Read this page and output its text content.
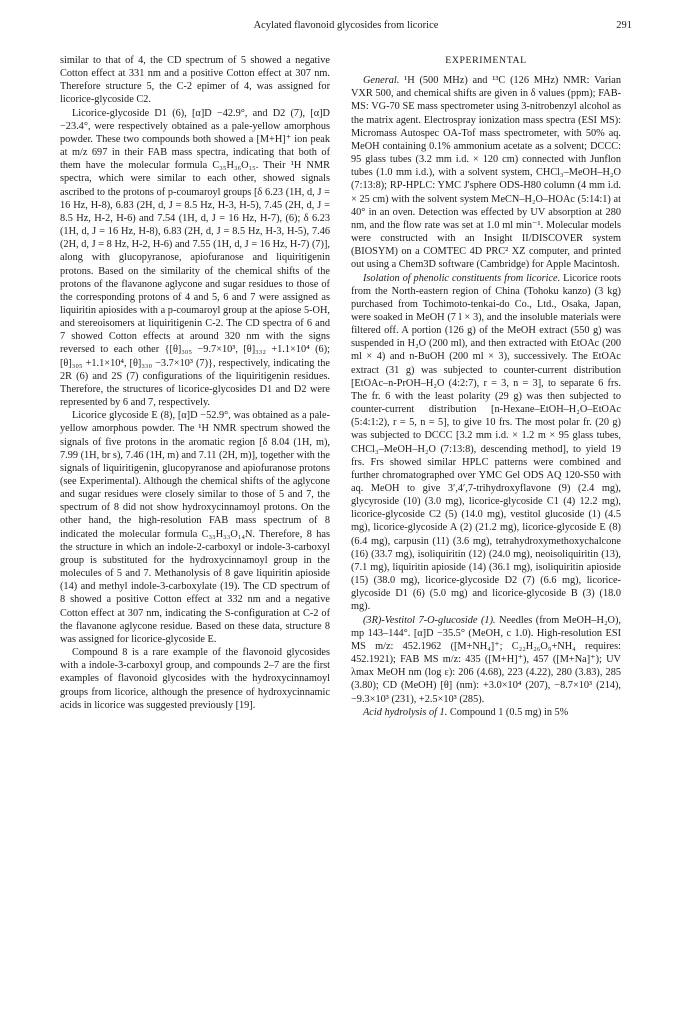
Acylated flavonoid glycosides from licorice	291

similar to that of 4, the CD spectrum of 5 showed a negative Cotton effect at 331 nm and a positive Cotton effect at 307 nm. Therefore structure 5, the C-2 epimer of 4, was assigned for licorice-glycoside C2.

Licorice-glycoside D1 (6), [α]D −42.9°, and D2 (7), [α]D −23.4°, were respectively obtained as a pale-yellow amorphous powder. These two compounds both showed a [M+H]⁺ ion peak at m/z 697 in their FAB mass spectra, indicating that both of them have the molecular formula C₃₅H₃₆O₁₅. Their ¹H NMR spectra, which were similar to each other, showed signals ascribed to the protons of p-coumaroyl groups [δ 6.23 (1H, d, J = 16 Hz, H-8), 6.83 (2H, d, J = 8.5 Hz, H-3, H-5), 7.45 (2H, d, J = 8.5 Hz, H-2, H-6) and 7.54 (1H, d, J = 16 Hz, H-7), (6); δ 6.23 (1H, d, J = 16 Hz, H-8), 6.83 (2H, d, J = 8.5 Hz, H-3, H-5), 7.46 (2H, d, J = 8 Hz, H-2, H-6) and 7.55 (1H, d, J = 16 Hz, H-7) (7)], along with glucopyranose, apiofuranose and liquiritigenin protons. Based on the similarity of the chemical shifts of the protons of the flavanone aglycone and sugar residues to those of the corresponding protons of 4 and 5, 6 and 7 were assigned as liquiritin apiosides with a p-coumaroyl group at the apiose 5-OH, and stereoisomers at liquiritigenin C-2. The CD spectra of 6 and 7 showed Cotton effects at around 320 nm with the signs reversed to each other {[θ]₃₀₅ −9.7×10³, [θ]₃₃₂ +1.1×10⁴ (6); [θ]₃₀₅ +1.1×10⁴, [θ]₃₃₀ −3.7×10³ (7)}, respectively, indicating the 2R (6) and 2S (7) configurations of the liquiritigenin residues. Therefore, the structures of licorice-glycosides D1 and D2 were represented by 6 and 7, respectively.

Licorice glycoside E (8), [α]D −52.9°, was obtained as a pale-yellow amorphous powder. The ¹H NMR spectrum showed the signals of five protons in the aromatic region [δ 8.04 (1H, m), 7.99 (1H, br s), 7.46 (1H, m) and 7.11 (2H, m)], together with the signals of liquiritigenin, glucopyranose and apiofuranose protons (see Experimental). Although the chemical shifts of the aglycone and sugar residues were closely similar to those of 5 and 7, the spectrum of 8 did not show hydroxycinnamoyl protons. On the other hand, the high-resolution FAB mass spectrum of 8 indicated the molecular formula C₃₃H₃₃O₁₄N. Therefore, 8 has the structure in which an indole-2-carboxyl or indole-3-carboxyl group is substituted for the hydroxycinnamoyl group in the molecules of 5 and 7. Methanolysis of 8 gave liquiritin apioside (14) and methyl indole-3-carboxylate (19). The CD spectrum of 8 showed a positive Cotton effect at 332 nm and a negative Cotton effect at 307 nm, indicating the S-configuration at C-2 of the flavanone aglycone residue. Based on these data, structure 8 was assigned for licorice-glycoside E.

Compound 8 is a rare example of the flavonoid glycosides with a indole-3-carboxyl group, and compounds 2–7 are the first examples of flavonoid glycosides with the hydroxycinnamoyl groups from licorice, although the presence of hydroxycinnamic acids in licorice was suggested previously [19].

EXPERIMENTAL

General. ¹H (500 MHz) and ¹³C (126 MHz) NMR: Varian VXR 500, and chemical shifts are given in δ values (ppm); FAB-MS: VG-70 SE mass spectrometer using 3-nitrobenzyl alcohol as the matrix agent. Electrospray ionization mass spectra (ESI MS): Micromass Autospec OA-Tof mass spectrometer, with 50% aq. MeOH containing 0.1% ammonium acetate as a solvent; DCCC: 95 glass tubes (3.2 mm i.d. × 120 cm) connected with Junflon tubes (1.0 mm i.d.), with a solvent system, CHCl₃–MeOH–H₂O (7:13:8); RP-HPLC: YMC J'sphere ODS-H80 column (4 mm i.d. × 25 cm) with the solvent system MeCN–H₂O–HOAc (5:14:1) at 40° in an oven. Detection was effected by UV absorption at 280 nm, and the flow rate was set at 1.0 ml min⁻¹. Molecular models were constructed with an Insight II/DISCOVER system (BIOSYM) on a COMTEC 4D PRC² XZ computer, and printed out using a Chem3D software (Cambridge) for Apple Macintosh.

Isolation of phenolic constituents from licorice. Licorice roots from the North-eastern region of China (Tohoku kanzo) (3 kg) purchased from Tochimoto-tenkai-do Co., Ltd., Osaka, Japan, were soaked in MeOH (7 l × 3), and the insoluble materials were filtered off. A portion (126 g) of the MeOH extract (550 g) was suspended in H₂O (200 ml), and then extracted with EtOAc (200 ml × 4) and n-BuOH (200 ml × 3), successively. The EtOAc extract (31 g) was subjected to counter-current distribution [EtOAc–n-PrOH–H₂O (4:2:7), r = 3, n = 3], to separate 6 frs. The fr. 6 with the least polarity (29 g) was then subjected to counter-current distribution [n-Hexane–EtOH–H₂O–EtOAc (5:4:1:2), r = 5, n = 5], to give 10 frs. The most polar fr. (20 g) was subjected to DCCC [3.2 mm i.d. × 1.2 m × 95 glass tubes, CHCl₃–MeOH–H₂O (7:13:8), descending method], to yield 19 frs. Frs showed similar HPLC patterns were combined and further chromatographed over YMC Gel ODS AQ 120-S50 with aq. MeOH to give 3′,4′,7-trihydroxyflavone (9) (2.4 mg), glycyroside (10) (3.0 mg), licorice-glycoside C1 (4) 12.2 mg), licorice-glycoside C2 (5) (14.0 mg), vestitol glucoside (1) (4.5 mg), licorice-glycoside A (2) (21.2 mg), licorice-glycoside E (8) (6.4 mg), carpusin (11) (3.6 mg), tetrahydroxymethoxychalcone (16) (33.7 mg), isoliquiritin (12) (24.0 mg), neoisoliquiritin (13), (7.1 mg), liquiritin apioside (14) (36.1 mg), isoliquiritin apioside (15) (38.0 mg), licorice-glycoside D2 (7) (6.6 mg), licorice-glycoside D1 (6) (5.0 mg) and licorice-glycoside B (3) (18.0 mg).

(3R)-Vestitol 7-O-glucoside (1). Needles (from MeOH–H₂O), mp 143–144°. [α]D −35.5° (MeOH, c 1.0). High-resolution ESI MS m/z: 452.1962 ([M+NH₄]⁺; C₂₂H₂₆O₉+NH₄ requires: 452.1921); FAB MS m/z: 435 ([M+H]⁺), 457 ([M+Na]⁺); UV λmax MeOH nm (log ε): 206 (4.68), 223 (4.22), 280 (3.83), 285 (3.80); CD (MeOH) [θ] (nm): +3.0×10⁴ (207), −8.7×10³ (214), −9.3×10³ (231), +2.5×10³ (285).

Acid hydrolysis of 1. Compound 1 (0.5 mg) in 5%
